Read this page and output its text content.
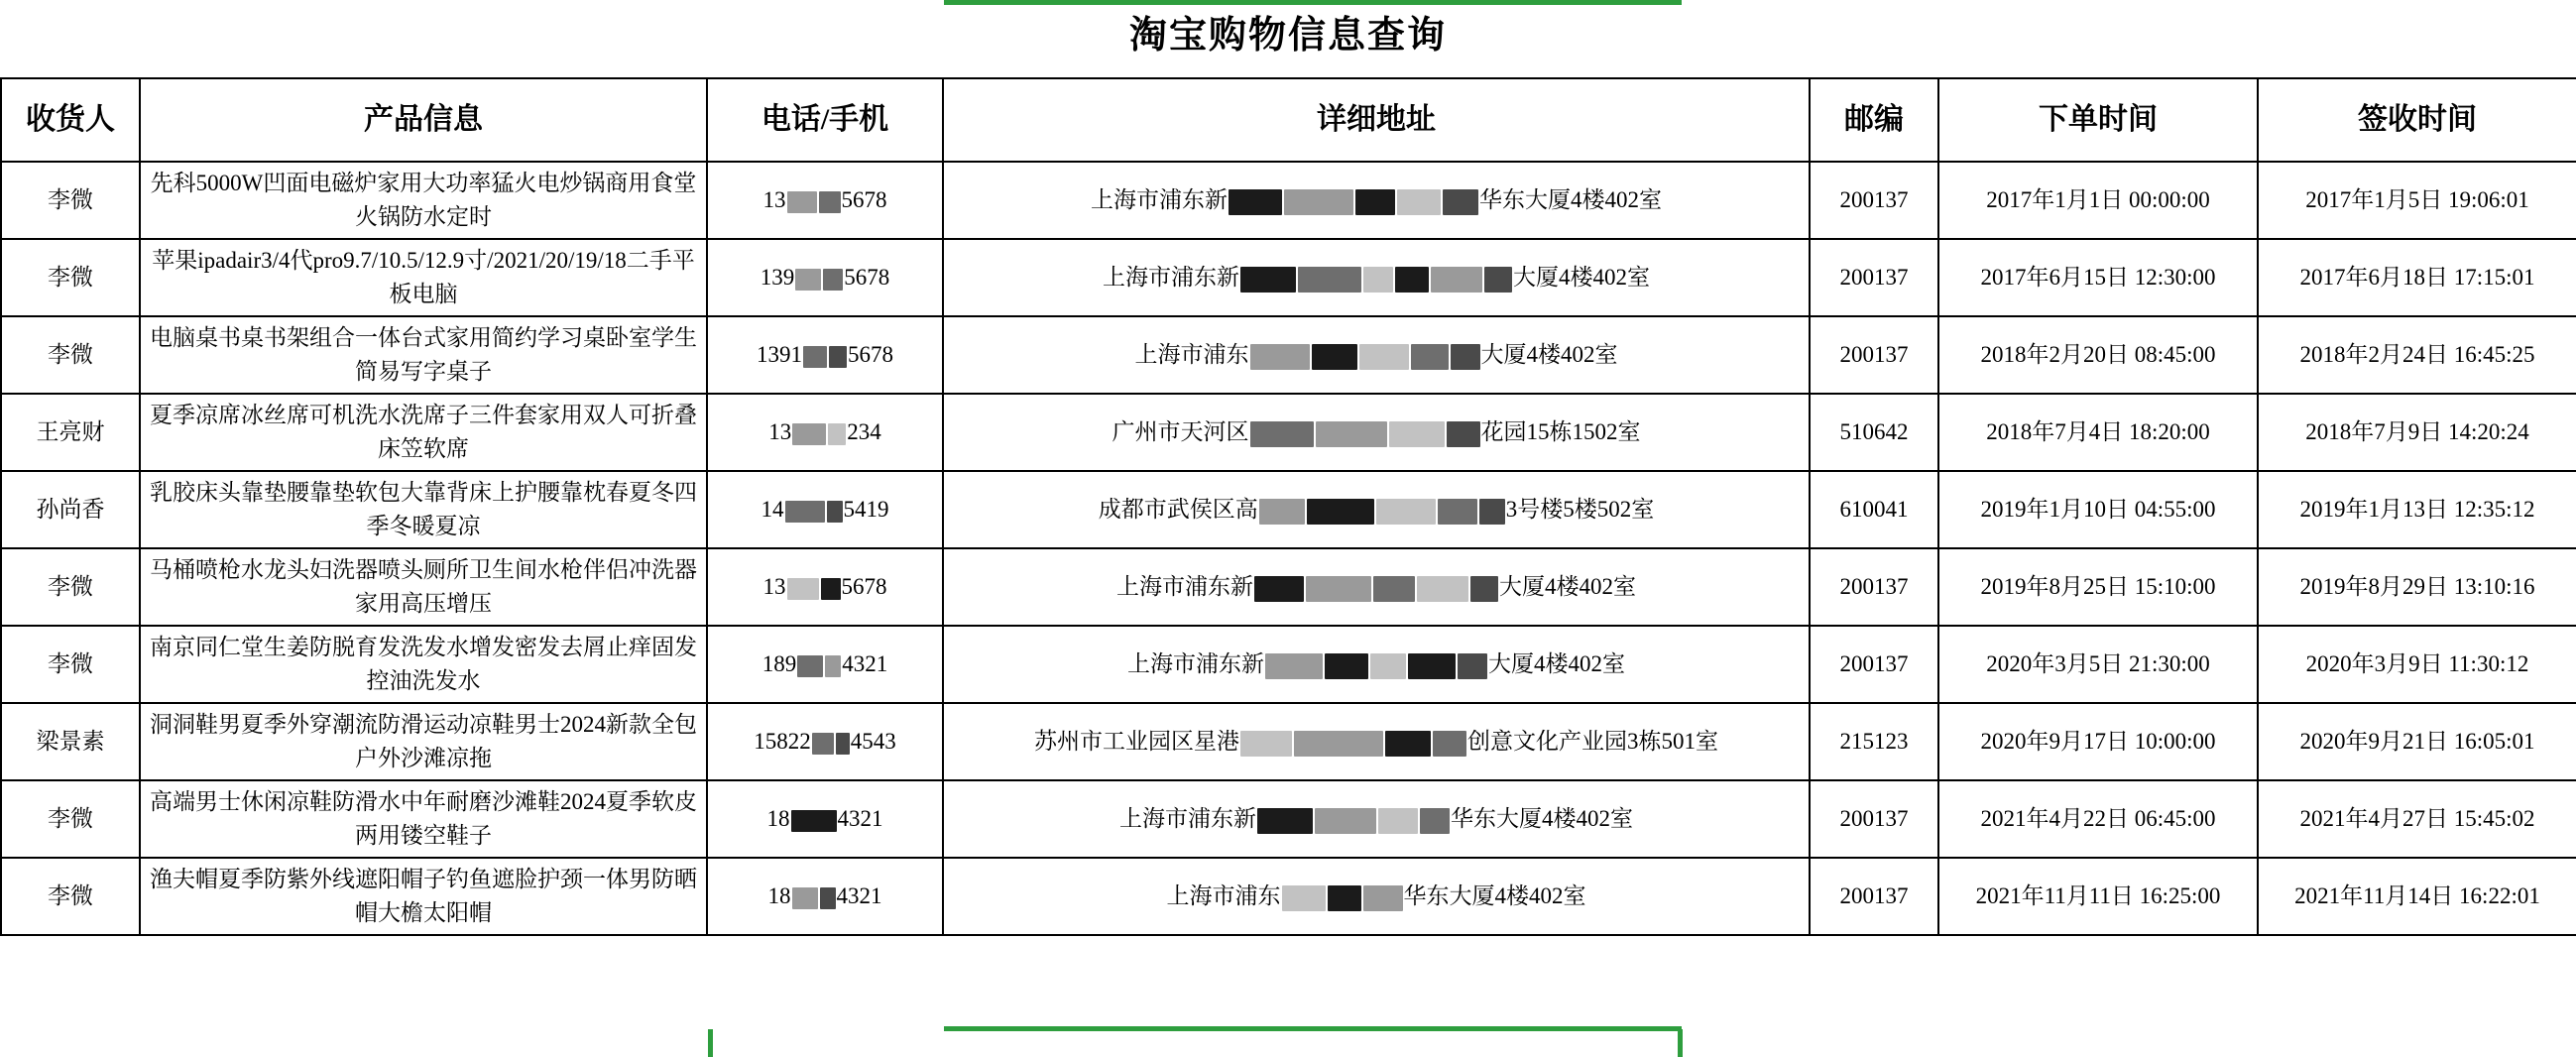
淘宝购物信息查询
收货人	产品信息	电话/手机	详细地址	邮编	下单时间	签收时间
李微	先科5000W凹面电磁炉家用大功率猛火电炒锅商用食堂火锅防水定时	13 5678	上海市浦东新 华东大厦4楼402室	200137	2017年1月1日 00:00:00	2017年1月5日 19:06:01
李微	苹果ipadair3/4代pro9.7/10.5/12.9寸/2021/20/19/18二手平板电脑	139 5678	上海市浦东新 大厦4楼402室	200137	2017年6月15日 12:30:00	2017年6月18日 17:15:01
李微	电脑桌书桌书架组合一体台式家用简约学习桌卧室学生简易写字桌子	1391 5678	上海市浦东 大厦4楼402室	200137	2018年2月20日 08:45:00	2018年2月24日 16:45:25
王亮财	夏季凉席冰丝席可机洗水洗席子三件套家用双人可折叠床笠软席	13 234	广州市天河区 花园15栋1502室	510642	2018年7月4日 18:20:00	2018年7月9日 14:20:24
孙尚香	乳胶床头靠垫腰靠垫软包大靠背床上护腰靠枕春夏冬四季冬暖夏凉	14 5419	成都市武侯区高 3号楼5楼502室	610041	2019年1月10日 04:55:00	2019年1月13日 12:35:12
李微	马桶喷枪水龙头妇洗器喷头厕所卫生间水枪伴侣冲洗器家用高压增压	13 5678	上海市浦东新 大厦4楼402室	200137	2019年8月25日 15:10:00	2019年8月29日 13:10:16
李微	南京同仁堂生姜防脱育发洗发水增发密发去屑止痒固发控油洗发水	189 4321	上海市浦东新 大厦4楼402室	200137	2020年3月5日 21:30:00	2020年3月9日 11:30:12
梁景素	洞洞鞋男夏季外穿潮流防滑运动凉鞋男士2024新款全包户外沙滩凉拖	15822 4543	苏州市工业园区星港 创意文化产业园3栋501室	215123	2020年9月17日 10:00:00	2020年9月21日 16:05:01
李微	高端男士休闲凉鞋防滑水中年耐磨沙滩鞋2024夏季软皮两用镂空鞋子	18 4321	上海市浦东新 华东大厦4楼402室	200137	2021年4月22日 06:45:00	2021年4月27日 15:45:02
李微	渔夫帽夏季防紫外线遮阳帽子钓鱼遮脸护颈一体男防晒帽大檐太阳帽	18 4321	上海市浦东 华东大厦4楼402室	200137	2021年11月11日 16:25:00	2021年11月14日 16:22:01
